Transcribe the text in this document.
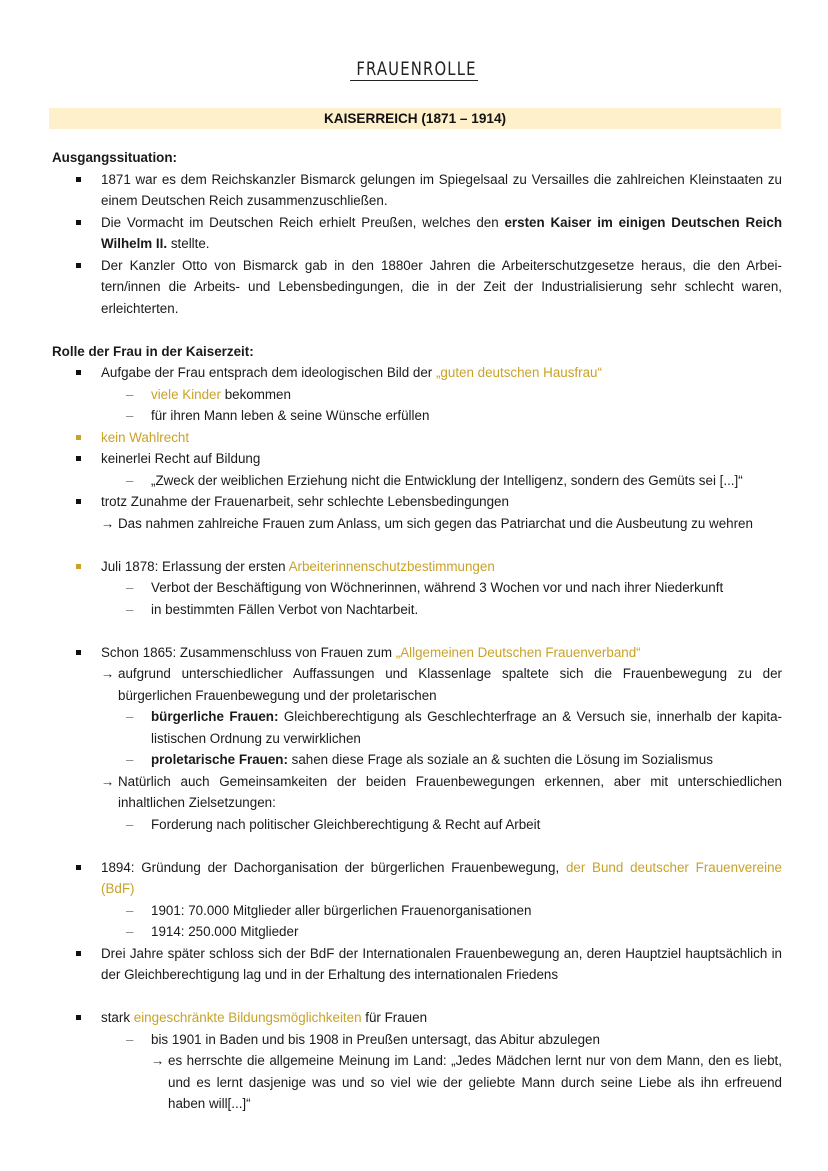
FRAUENROLLE
KAISERREICH (1871 – 1914)
Ausgangssituation:
1871 war es dem Reichskanzler Bismarck gelungen im Spiegelsaal zu Versailles die zahlreichen Kleinstaaten zu einem Deutschen Reich zusammenzuschließen.
Die Vormacht im Deutschen Reich erhielt Preußen, welches den ersten Kaiser im einigen Deutschen Reich Wilhelm II. stellte.
Der Kanzler Otto von Bismarck gab in den 1880er Jahren die Arbeiterschutzgesetze heraus, die den Arbei-tern/innen die Arbeits- und Lebensbedingungen, die in der Zeit der Industrialisierung sehr schlecht waren, erleichterten.
Rolle der Frau in der Kaiserzeit:
Aufgabe der Frau entsprach dem ideologischen Bild der „guten deutschen Hausfrau“
– viele Kinder bekommen
– für ihren Mann leben & seine Wünsche erfüllen
kein Wahlrecht
keinerlei Recht auf Bildung
– „Zweck der weiblichen Erziehung nicht die Entwicklung der Intelligenz, sondern des Gemüts sei [...]“
trotz Zunahme der Frauenarbeit, sehr schlechte Lebensbedingungen
→ Das nahmen zahlreiche Frauen zum Anlass, um sich gegen das Patriarchat und die Ausbeutung zu wehren
Juli 1878: Erlassung der ersten Arbeiterinnenschutzbestimmungen
– Verbot der Beschäftigung von Wöchnerinnen, während 3 Wochen vor und nach ihrer Niederkunft
– in bestimmten Fällen Verbot von Nachtarbeit.
Schon 1865: Zusammenschluss von Frauen zum „Allgemeinen Deutschen Frauenverband“
→ aufgrund unterschiedlicher Auffassungen und Klassenlage spaltete sich die Frauenbewegung zu der bürgerlichen Frauenbewegung und der proletarischen
– bürgerliche Frauen: Gleichberechtigung als Geschlechterfrage an & Versuch sie, innerhalb der kapita-listischen Ordnung zu verwirklichen
– proletarische Frauen: sahen diese Frage als soziale an & suchten die Lösung im Sozialismus
→ Natürlich auch Gemeinsamkeiten der beiden Frauenbewegungen erkennen, aber mit unterschiedlichen inhaltlichen Zielsetzungen:
– Forderung nach politischer Gleichberechtigung & Recht auf Arbeit
1894: Gründung der Dachorganisation der bürgerlichen Frauenbewegung, der Bund deutscher Frauenvereine (BdF)
– 1901: 70.000 Mitglieder aller bürgerlichen Frauenorganisationen
– 1914: 250.000 Mitglieder
Drei Jahre später schloss sich der BdF der Internationalen Frauenbewegung an, deren Hauptziel hauptsächlich in der Gleichberechtigung lag und in der Erhaltung des internationalen Friedens
stark eingeschränkte Bildungsmöglichkeiten für Frauen
– bis 1901 in Baden und bis 1908 in Preußen untersagt, das Abitur abzulegen
→ es herrschte die allgemeine Meinung im Land: „Jedes Mädchen lernt nur von dem Mann, den es liebt, und es lernt dasjenige was und so viel wie der geliebte Mann durch seine Liebe als ihn erfreuend haben will[...]“
